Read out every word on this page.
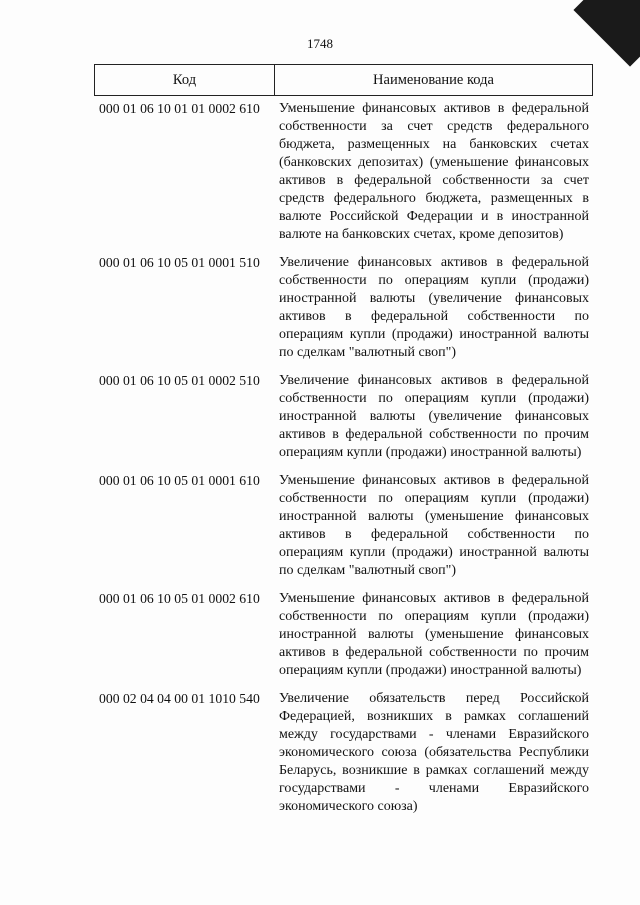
1748
Код	Наименование кода
000 01 06 10 01 01 0002 610	Уменьшение финансовых активов в федеральной собственности за счет средств федерального бюджета, размещенных на банковских счетах (банковских депозитах) (уменьшение финансовых активов в федеральной собственности за счет средств федерального бюджета, размещенных в валюте Российской Федерации и в иностранной валюте на банковских счетах, кроме депозитов)
000 01 06 10 05 01 0001 510	Увеличение финансовых активов в федеральной собственности по операциям купли (продажи) иностранной валюты (увеличение финансовых активов в федеральной собственности по операциям купли (продажи) иностранной валюты по сделкам "валютный своп")
000 01 06 10 05 01 0002 510	Увеличение финансовых активов в федеральной собственности по операциям купли (продажи) иностранной валюты (увеличение финансовых активов в федеральной собственности по прочим операциям купли (продажи) иностранной валюты)
000 01 06 10 05 01 0001 610	Уменьшение финансовых активов в федеральной собственности по операциям купли (продажи) иностранной валюты (уменьшение финансовых активов в федеральной собственности по операциям купли (продажи) иностранной валюты по сделкам "валютный своп")
000 01 06 10 05 01 0002 610	Уменьшение финансовых активов в федеральной собственности по операциям купли (продажи) иностранной валюты (уменьшение финансовых активов в федеральной собственности по прочим операциям купли (продажи) иностранной валюты)
000 02 04 04 00 01 1010 540	Увеличение обязательств перед Российской Федерацией, возникших в рамках соглашений между государствами - членами Евразийского экономического союза (обязательства Республики Беларусь, возникшие в рамках соглашений между государствами - членами Евразийского экономического союза)
